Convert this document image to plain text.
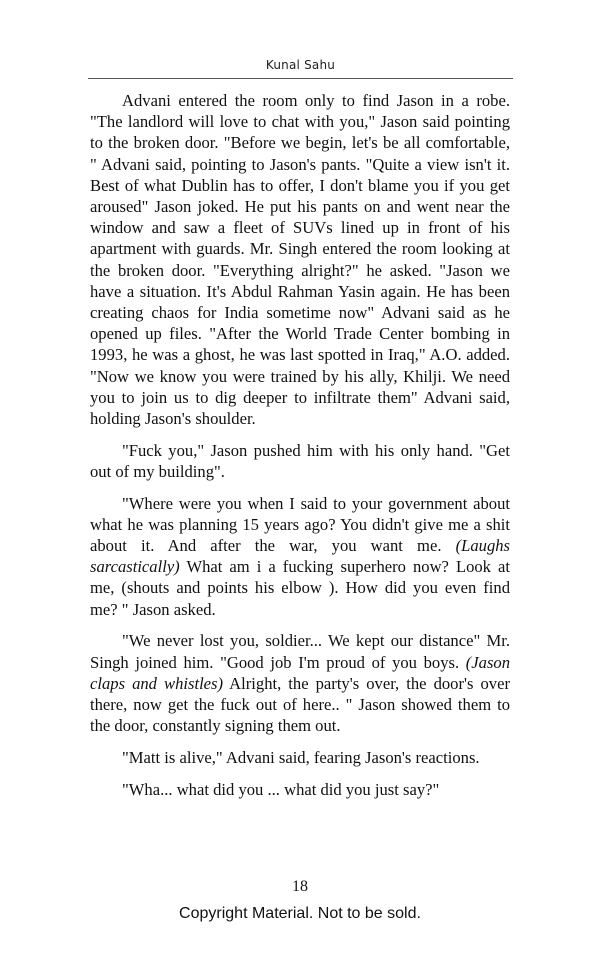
Kunal Sahu

Advani entered the room only to find Jason in a robe. "The landlord will love to chat with you," Jason said pointing to the broken door. "Before we begin, let's be all comfortable, " Advani said, pointing to Jason's pants. "Quite a view isn't it. Best of what Dublin has to offer, I don't blame you if you get aroused" Jason joked. He put his pants on and went near the window and saw a fleet of SUVs lined up in front of his apartment with guards. Mr. Singh entered the room looking at the broken door. "Everything alright?" he asked. "Jason we have a situation. It's Abdul Rahman Yasin again. He has been creating chaos for India sometime now" Advani said as he opened up files. "After the World Trade Center bombing in 1993, he was a ghost, he was last spotted in Iraq," A.O. added. "Now we know you were trained by his ally, Khilji. We need you to join us to dig deeper to infiltrate them" Advani said, holding Jason's shoulder.

"Fuck you," Jason pushed him with his only hand. "Get out of my building".

"Where were you when I said to your government about what he was planning 15 years ago? You didn't give me a shit about it. And after the war, you want me. (Laughs sarcastically) What am i a fucking superhero now? Look at me, (shouts and points his elbow ). How did you even find me? " Jason asked.

"We never lost you, soldier... We kept our distance" Mr. Singh joined him. "Good job I'm proud of you boys. (Jason claps and whistles) Alright, the party's over, the door's over there, now get the fuck out of here.. " Jason showed them to the door, constantly signing them out.

"Matt is alive," Advani said, fearing Jason's reactions.

"Wha... what did you ... what did you just say?"

18
Copyright Material. Not to be sold.
